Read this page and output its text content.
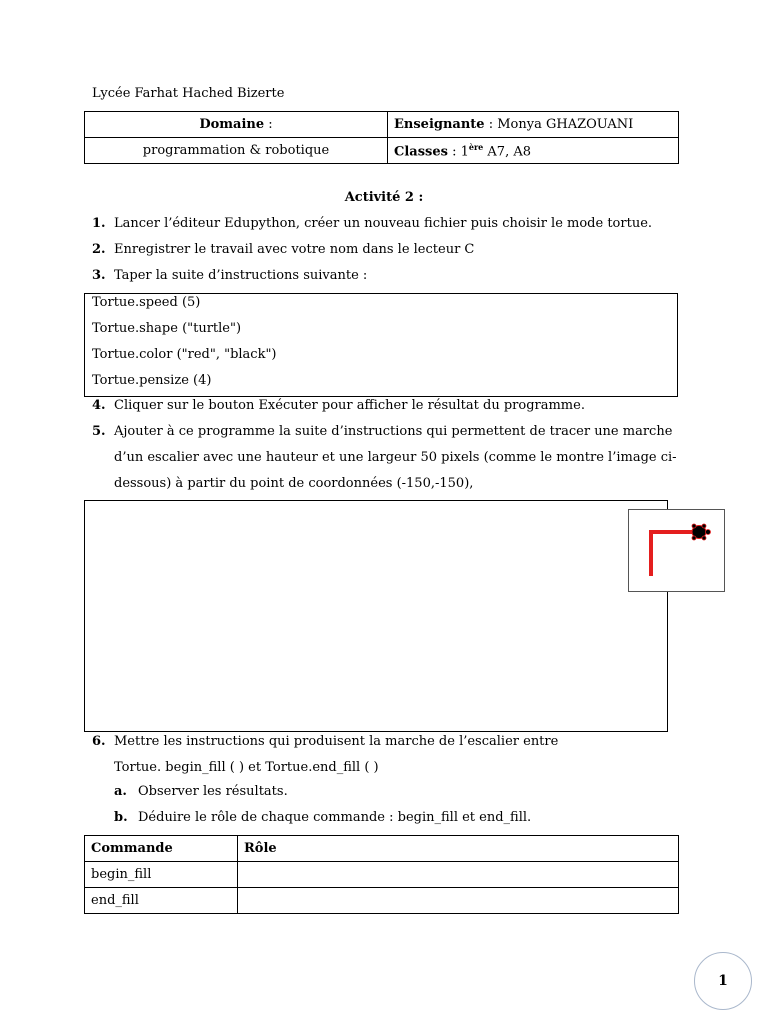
Lycée Farhat Hached Bizerte
Domaine :	Enseignante : Monya GHAZOUANI
programmation & robotique	Classes : 1ère A7, A8
Activité 2 :
1. Lancer l’éditeur Edupython, créer un nouveau fichier puis choisir le mode tortue.
2. Enregistrer le travail avec votre nom dans le lecteur C
3. Taper la suite d’instructions suivante :
Tortue.speed (5)
Tortue.shape ("turtle")
Tortue.color ("red", "black")
Tortue.pensize (4)
4. Cliquer sur le bouton Exécuter pour afficher le résultat du programme.
5. Ajouter à ce programme la suite d’instructions qui permettent de tracer une marche
d’un escalier avec une hauteur et une largeur 50 pixels (comme le montre l’image ci-
dessous) à partir du point de coordonnées (-150,-150),
6. Mettre les instructions qui produisent la marche de l’escalier entre
Tortue. begin_fill ( ) et Tortue.end_fill ( )
a. Observer les résultats.
b. Déduire le rôle de chaque commande : begin_fill et end_fill.
Commande	Rôle
begin_fill	
end_fill	
1
